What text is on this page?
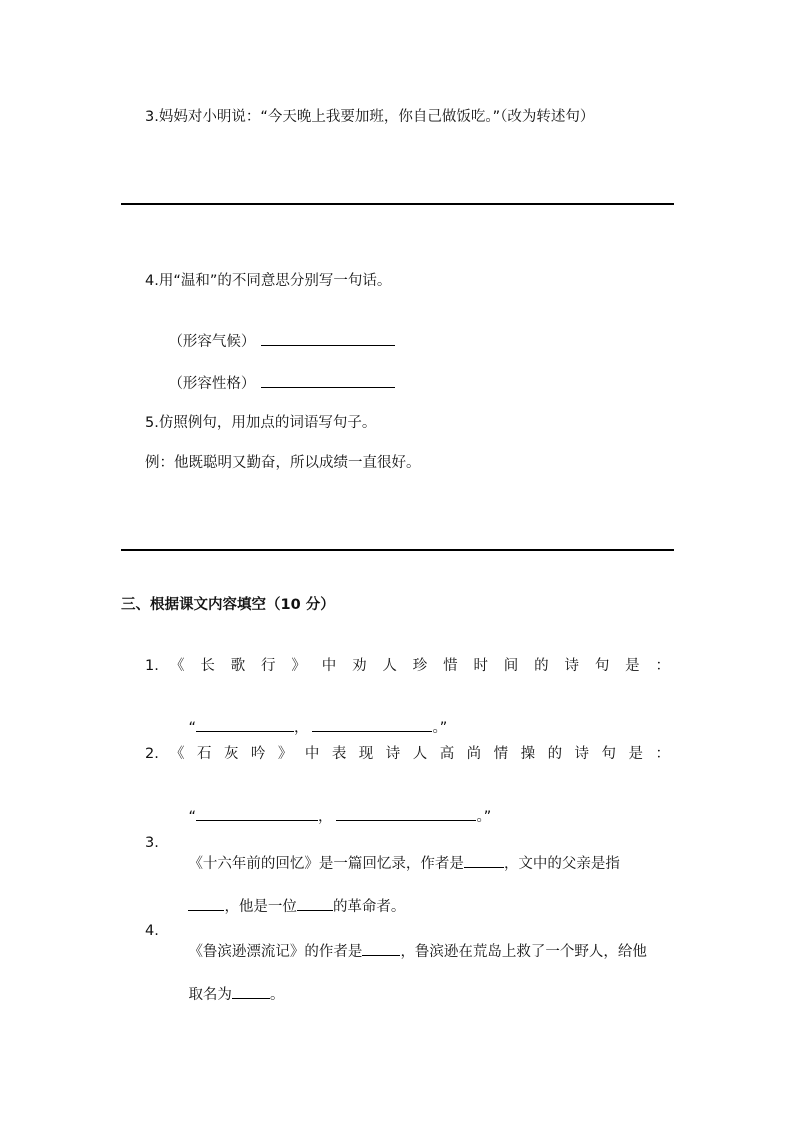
3.妈妈对小明说：“今天晚上我要加班，你自己做饭吃。”（改为转述句）
4.用“温和”的不同意思分别写一句话。

（形容气候）

（形容性格）

5.仿照例句，用加点的词语写句子。
例：他既聪明又勤奋，所以成绩一直很好。
三、根据课文内容填空（10 分）
1. 《 长 歌 行 》 中 劝 人 珍 惜 时 间 的 诗 句 是 ：

“	，	。”

2. 《 石 灰 吟 》 中 表 现 诗 人 高 尚 情 操 的 诗 句 是 ：

“	，	。”

3.

《十六年前的回忆》是一篇回忆录，作者是	，文中的父亲是指

，他是一位 的革命者。

4.

《鲁滨逊漂流记》的作者是	，鲁滨逊在荒岛上救了一个野人，给他

取名为	。
